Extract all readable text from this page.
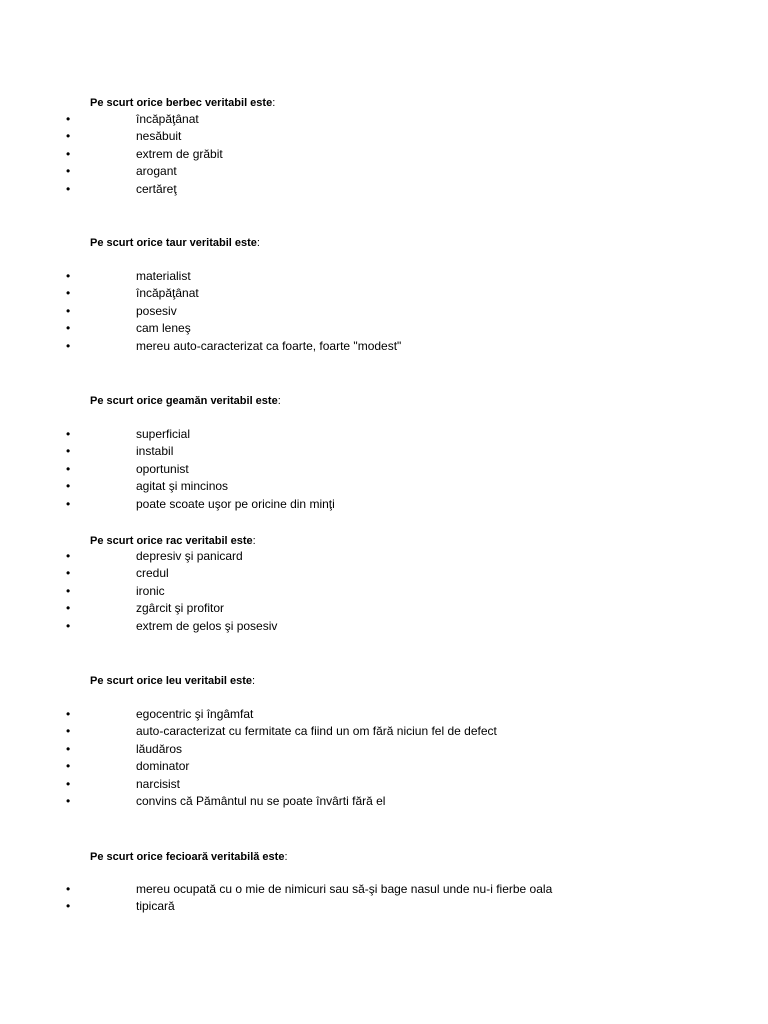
Pe scurt orice berbec veritabil este:
•	încăpăţânat
•	nesăbuit
•	extrem de grăbit
•	arogant
•	certăreţ
Pe scurt orice taur veritabil este:
•	materialist
•	încăpăţânat
•	posesiv
•	cam leneş
•	mereu auto-caracterizat ca foarte, foarte "modest"
Pe scurt orice geamăn veritabil este:
•	superficial
•	instabil
•	oportunist
•	agitat şi mincinos
•	poate scoate uşor pe oricine din minţi
Pe scurt orice rac veritabil este:
•	depresiv şi panicard
•	credul
•	ironic
•	zgârcit şi profitor
•	extrem de gelos şi posesiv
Pe scurt orice leu veritabil este:
•	egocentric şi îngâmfat
•	auto-caracterizat cu fermitate ca fiind un om fără niciun fel de defect
•	lăudăros
•	dominator
•	narcisist
•	convins că Pământul nu se poate învârti fără el
Pe scurt orice fecioară veritabilă este:
•	mereu ocupată cu o mie de nimicuri sau să-şi bage nasul unde nu-i fierbe oala
•	tipicară
